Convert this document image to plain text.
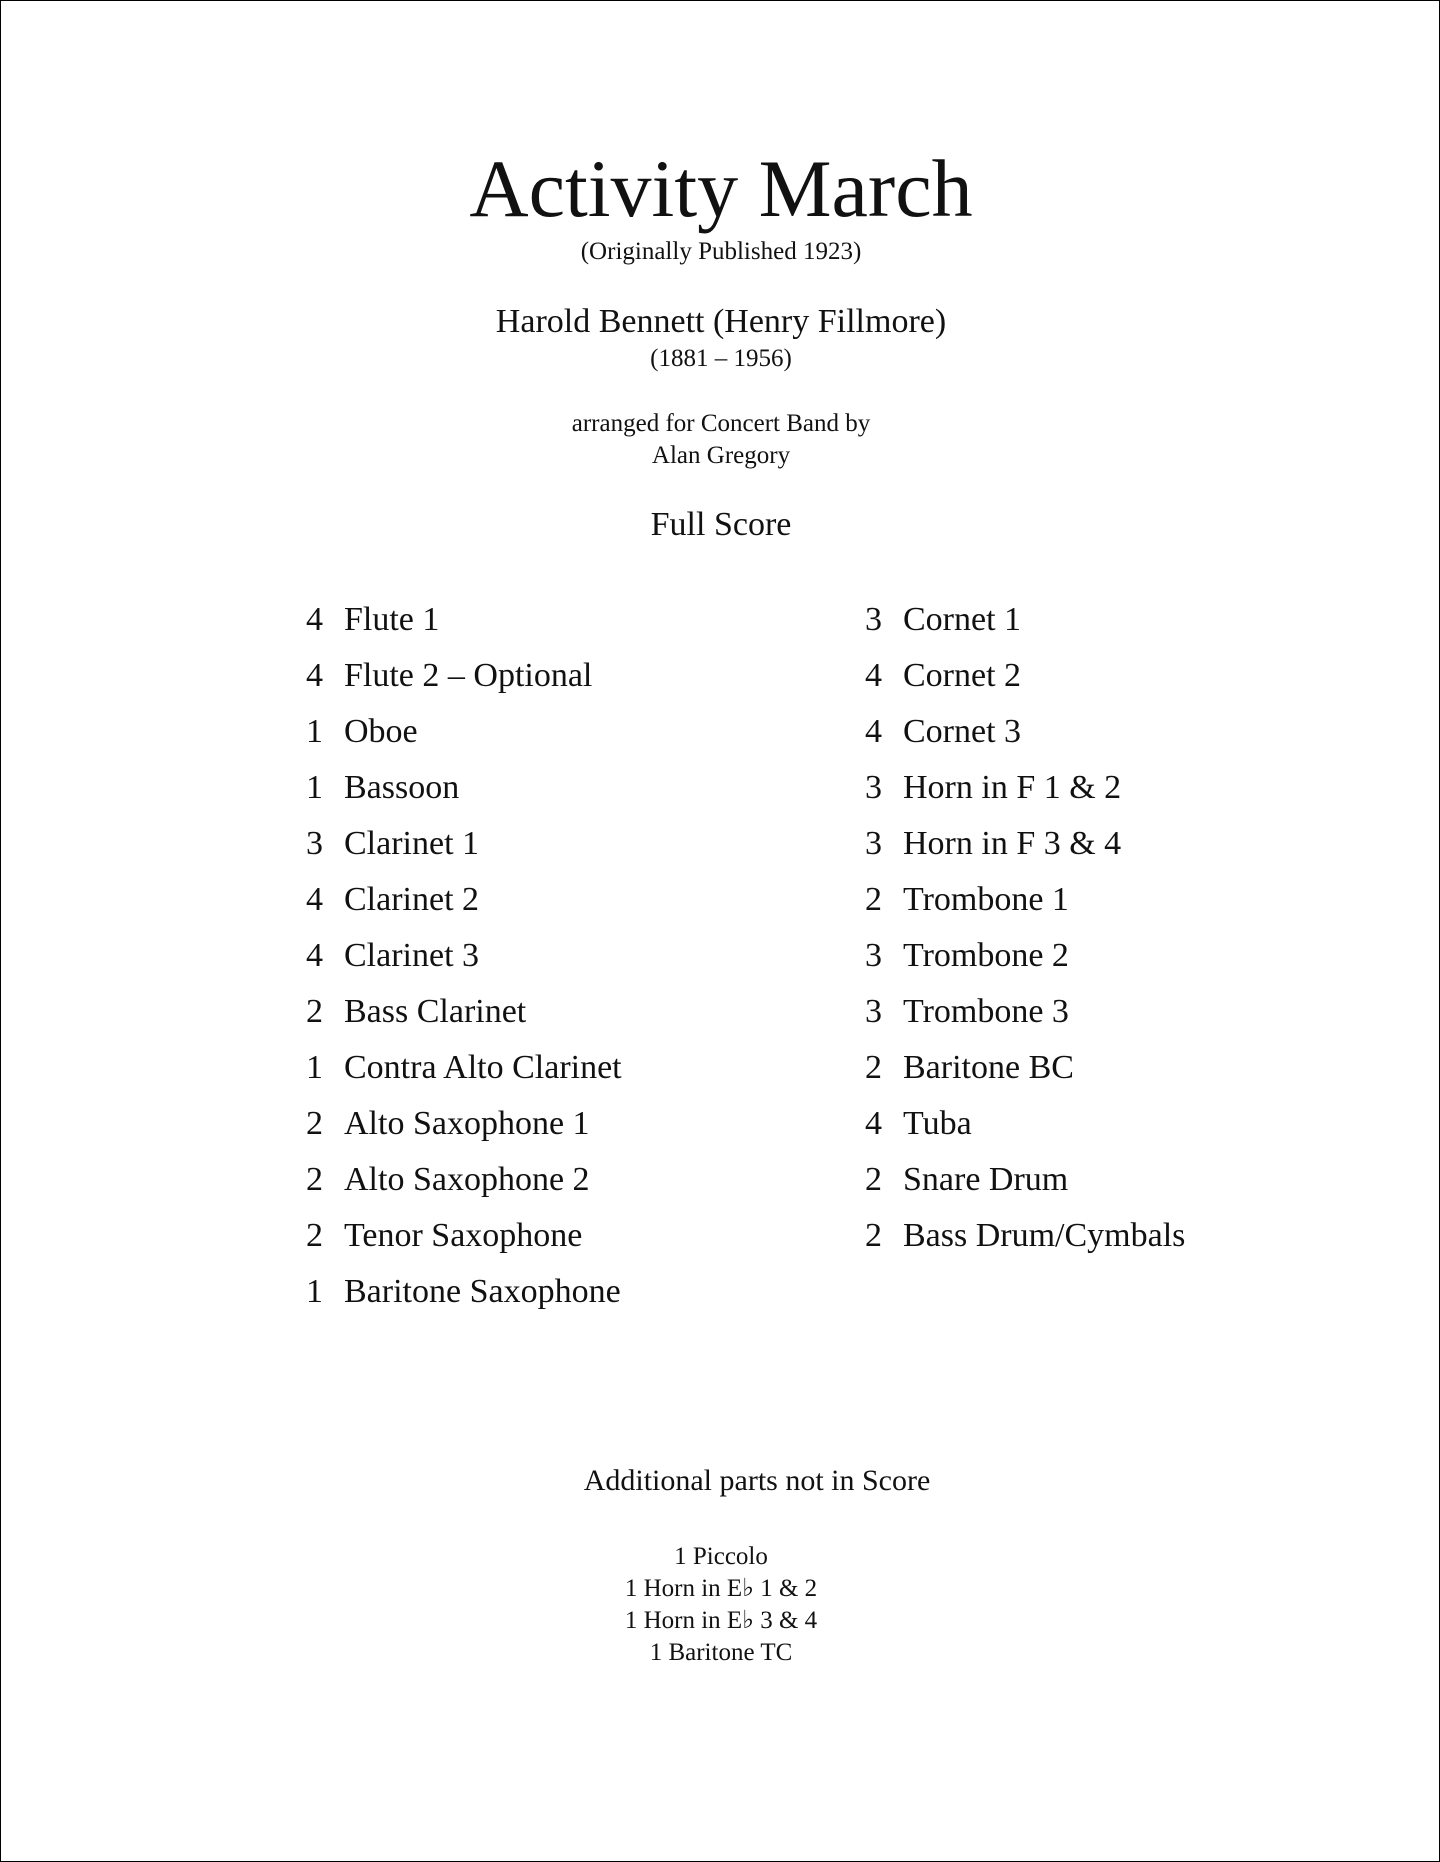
Activity March
(Originally Published 1923)
Harold Bennett (Henry Fillmore)
(1881 – 1956)
arranged for Concert Band by
Alan Gregory
Full Score
4 Flute 1
4 Flute 2 – Optional
1 Oboe
1 Bassoon
3 Clarinet 1
4 Clarinet 2
4 Clarinet 3
2 Bass Clarinet
1 Contra Alto Clarinet
2 Alto Saxophone 1
2 Alto Saxophone 2
2 Tenor Saxophone
1 Baritone Saxophone
3 Cornet 1
4 Cornet 2
4 Cornet 3
3 Horn in F 1 & 2
3 Horn in F 3 & 4
2 Trombone 1
3 Trombone 2
3 Trombone 3
2 Baritone BC
4 Tuba
2 Snare Drum
2 Bass Drum/Cymbals
Additional parts not in Score
1 Piccolo
1 Horn in E♭ 1 & 2
1 Horn in E♭ 3 & 4
1 Baritone TC
